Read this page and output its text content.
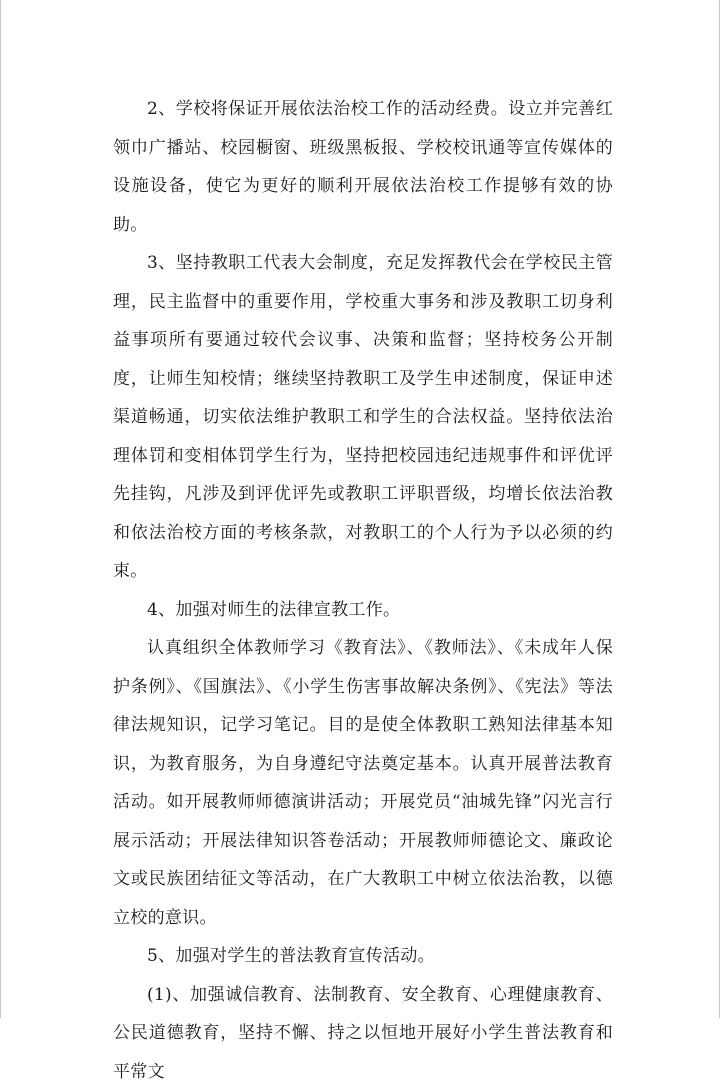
2、学校将保证开展依法治校工作的活动经费。设立并完善红领巾广播站、校园橱窗、班级黑板报、学校校讯通等宣传媒体的设施设备，使它为更好的顺利开展依法治校工作提够有效的协助。

3、坚持教职工代表大会制度，充足发挥教代会在学校民主管理，民主监督中的重要作用，学校重大事务和涉及教职工切身利益事项所有要通过较代会议事、决策和监督；坚持校务公开制度，让师生知校情；继续坚持教职工及学生申述制度，保证申述渠道畅通，切实依法维护教职工和学生的合法权益。坚持依法治理体罚和变相体罚学生行为，坚持把校园违纪违规事件和评优评先挂钩，凡涉及到评优评先或教职工评职晋级，均增长依法治教和依法治校方面的考核条款，对教职工的个人行为予以必须的约束。

4、加强对师生的法律宣教工作。

认真组织全体教师学习《教育法》、《教师法》、《未成年人保护条例》、《国旗法》、《小学生伤害事故解决条例》、《宪法》等法律法规知识，记学习笔记。目的是使全体教职工熟知法律基本知识，为教育服务，为自身遵纪守法奠定基本。认真开展普法教育活动。如开展教师师德演讲活动；开展党员“油城先锋”闪光言行展示活动；开展法律知识答卷活动；开展教师师德论文、廉政论文或民族团结征文等活动，在广大教职工中树立依法治教，以德立校的意识。

5、加强对学生的普法教育宣传活动。

(1)、加强诚信教育、法制教育、安全教育、心理健康教育、公民道德教育，坚持不懈、持之以恒地开展好小学生普法教育和平常文
